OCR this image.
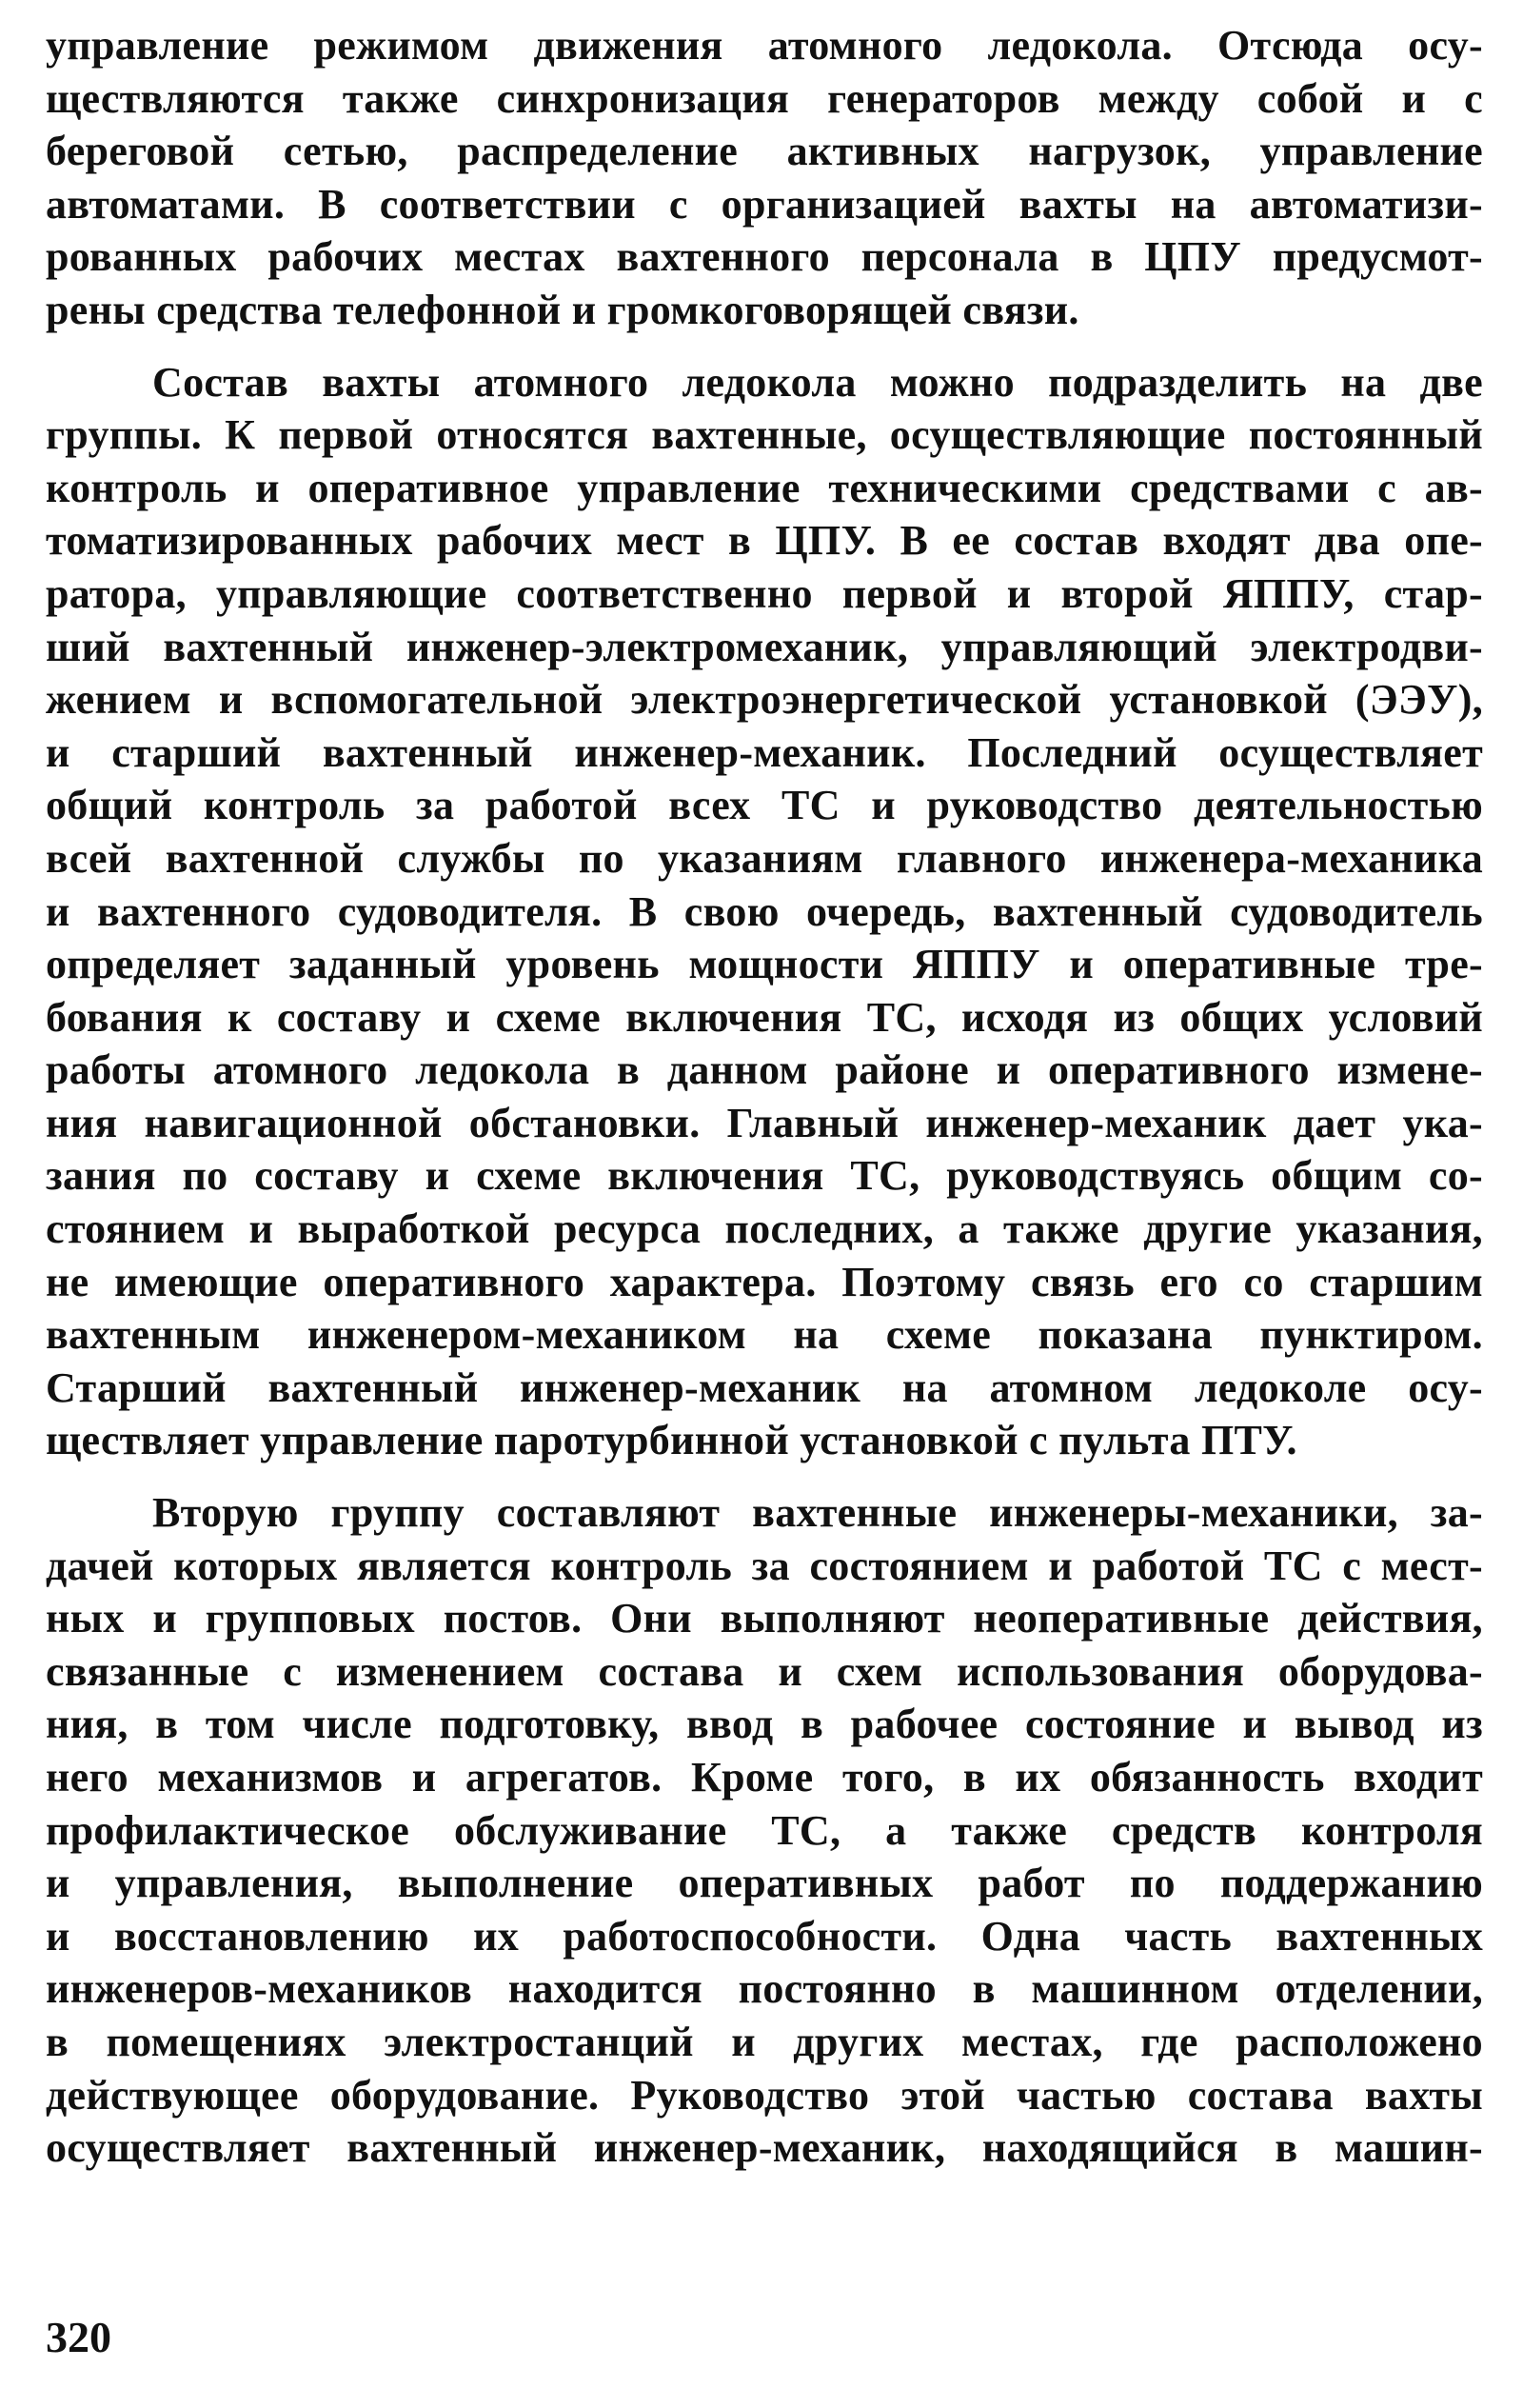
управление режимом движения атомного ледокола. Отсюда осу-
ществляются также синхронизация генераторов между собой и с
береговой сетью, распределение активных нагрузок, управление
автоматами. В соответствии с организацией вахты на автоматизи-
рованных рабочих местах вахтенного персонала в ЦПУ предусмот-
рены средства телефонной и громкоговорящей связи.
Состав вахты атомного ледокола можно подразделить на две
группы. К первой относятся вахтенные, осуществляющие постоянный
контроль и оперативное управление техническими средствами с ав-
томатизированных рабочих мест в ЦПУ. В ее состав входят два опе-
ратора, управляющие соответственно первой и второй ЯППУ, стар-
ший вахтенный инженер-электромеханик, управляющий электродви-
жением и вспомогательной электроэнергетической установкой (ЭЭУ),
и старший вахтенный инженер-механик. Последний осуществляет
общий контроль за работой всех ТС и руководство деятельностью
всей вахтенной службы по указаниям главного инженера-механика
и вахтенного судоводителя. В свою очередь, вахтенный судоводитель
определяет заданный уровень мощности ЯППУ и оперативные тре-
бования к составу и схеме включения ТС, исходя из общих условий
работы атомного ледокола в данном районе и оперативного измене-
ния навигационной обстановки. Главный инженер-механик дает ука-
зания по составу и схеме включения ТС, руководствуясь общим со-
стоянием и выработкой ресурса последних, а также другие указания,
не имеющие оперативного характера. Поэтому связь его со старшим
вахтенным инженером-механиком на схеме показана пунктиром.
Старший вахтенный инженер-механик на атомном ледоколе осу-
ществляет управление паротурбинной установкой с пульта ПТУ.
Вторую группу составляют вахтенные инженеры-механики, за-
дачей которых является контроль за состоянием и работой ТС с мест-
ных и групповых постов. Они выполняют неоперативные действия,
связанные с изменением состава и схем использования оборудова-
ния, в том числе подготовку, ввод в рабочее состояние и вывод из
него механизмов и агрегатов. Кроме того, в их обязанность входит
профилактическое обслуживание ТС, а также средств контроля
и управления, выполнение оперативных работ по поддержанию
и восстановлению их работоспособности. Одна часть вахтенных
инженеров-механиков находится постоянно в машинном отделении,
в помещениях электростанций и других местах, где расположено
действующее оборудование. Руководство этой частью состава вахты
осуществляет вахтенный инженер-механик, находящийся в машин-
320
